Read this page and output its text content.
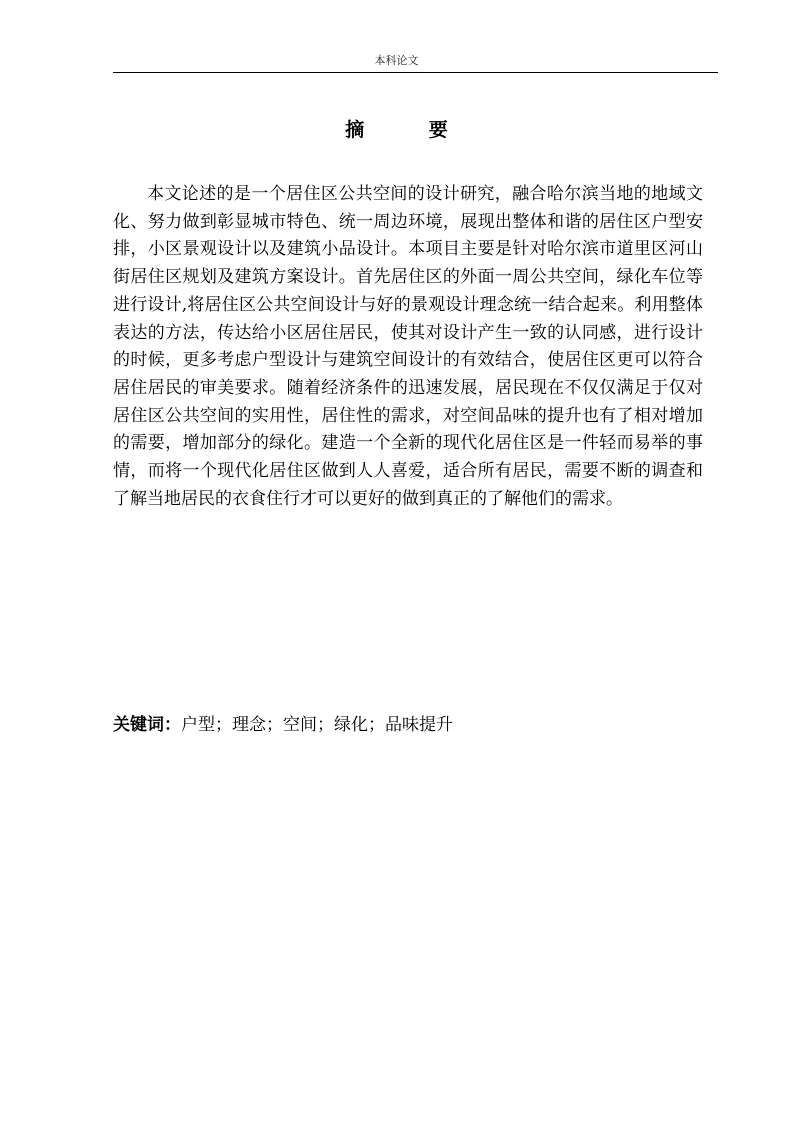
本科论文
摘　要

本文论述的是一个居住区公共空间的设计研究，融合哈尔滨当地的地域文化、努力做到彰显城市特色、统一周边环境，展现出整体和谐的居住区户型安排，小区景观设计以及建筑小品设计。本项目主要是针对哈尔滨市道里区河山街居住区规划及建筑方案设计。首先居住区的外面一周公共空间，绿化车位等进行设计,将居住区公共空间设计与好的景观设计理念统一结合起来。利用整体表达的方法，传达给小区居住居民，使其对设计产生一致的认同感，进行设计的时候，更多考虑户型设计与建筑空间设计的有效结合，使居住区更可以符合居住居民的审美要求。随着经济条件的迅速发展，居民现在不仅仅满足于仅对居住区公共空间的实用性，居住性的需求，对空间品味的提升也有了相对增加的需要，增加部分的绿化。建造一个全新的现代化居住区是一件轻而易举的事情，而将一个现代化居住区做到人人喜爱，适合所有居民，需要不断的调查和了解当地居民的衣食住行才可以更好的做到真正的了解他们的需求。

关键词：户型；理念；空间；绿化；品味提升
